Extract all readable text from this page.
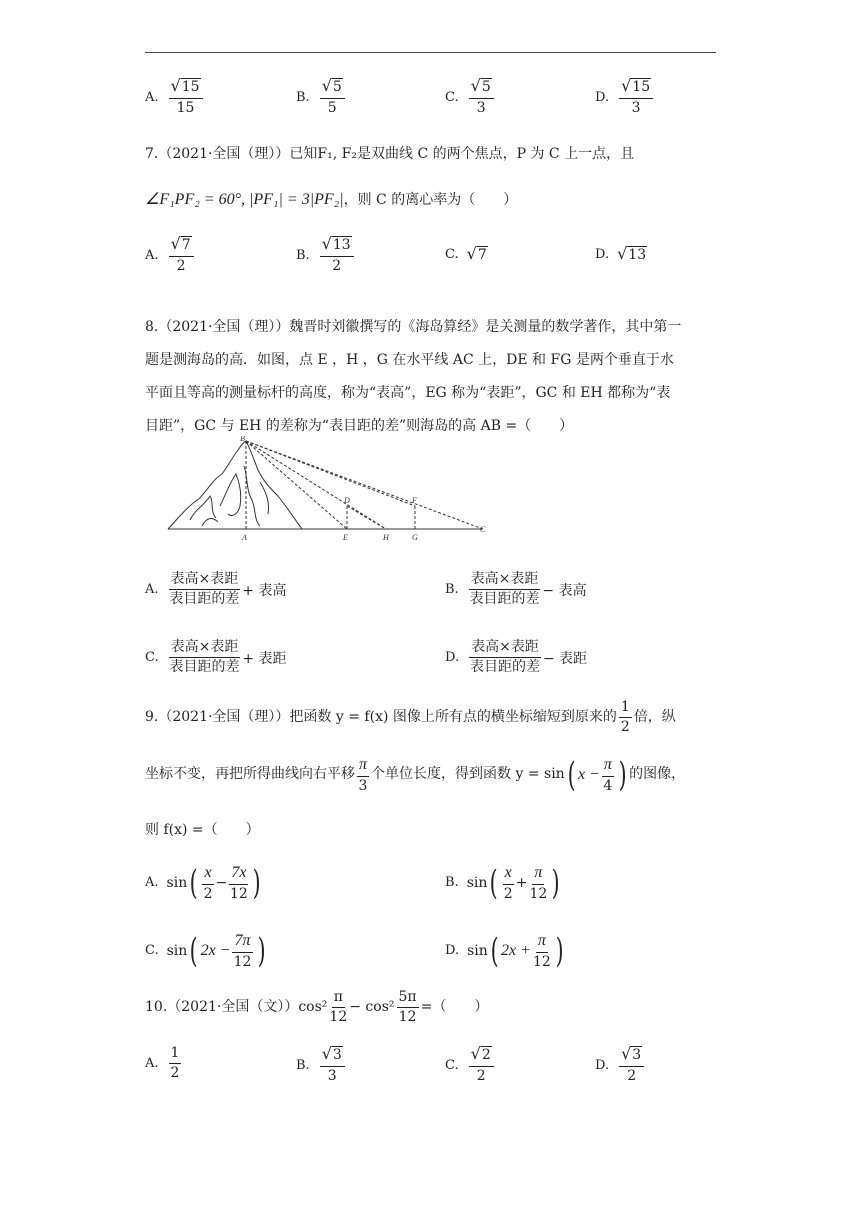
A. $\frac{√ 15}{15}$	B. $\frac{√ 5}{5}$	C. $\frac{√ 5}{3}$	D. $\frac{√ 15}{3}$
7.（2021·全国（理））已知F₁, F₂是双曲线 C 的两个焦点，P 为 C 上一点，且
∠F₁PF₂ = 60°, |PF₁| = 3|PF₂| ，则 C 的离心率为（　　）
A. $\frac{√ 7}{2}$	B. $\frac{√ 13}{2}$	C. √ 7	D. √ 13
8.（2021·全国（理））魏晋时刘徽撰写的《海岛算经》是关测量的数学著作，其中第一
题是测海岛的高．如图，点 E ，H ，G 在水平线 AC 上，DE 和 FG 是两个垂直于水
平面且等高的测量标杆的高度，称为“表高”，EG 称为“表距”，GC 和 EH 都称为“表
目距”，GC 与 EH 的差称为“表目距的差”则海岛的高 AB =（　　）
B
D	F
C
A	E	H	G
A. $\frac{\text{表高×表距}}{\text{表目距的差}}$ + 表高	B. $\frac{\text{表高×表距}}{\text{表目距的差}}$ − 表高
C. $\frac{\text{表高×表距}}{\text{表目距的差}}$ + 表距	D. $\frac{\text{表高×表距}}{\text{表目距的差}}$ − 表距
9.（2021·全国（理））把函数 y = f(x) 图像上所有点的横坐标缩短到原来的 $\frac{1}{2}$ 倍，纵
坐标不变，再把所得曲线向右平移 $\frac{\pi}{3}$ 个单位长度，得到函数 y = sin ( $x - \frac{\pi}{4}$ ) 的图像，
则 f(x) =（　　）
A. sin ( $\frac{x}{2} - \frac{7x}{12}$ )	B. sin ( $\frac{x}{2} + \frac{\pi}{12}$ )
C. sin ( $2x - \frac{7\pi}{12}$ )	D. sin ( $2x + \frac{\pi}{12}$ )
10.（2021·全国（文））$\cos^2 \frac{\pi}{12} - \cos^2 \frac{5\pi}{12}$ =（　　）
A. $\frac{1}{2}$	B. $\frac{√ 3}{3}$	C. $\frac{√ 2}{2}$	D. $\frac{√ 3}{2}$
